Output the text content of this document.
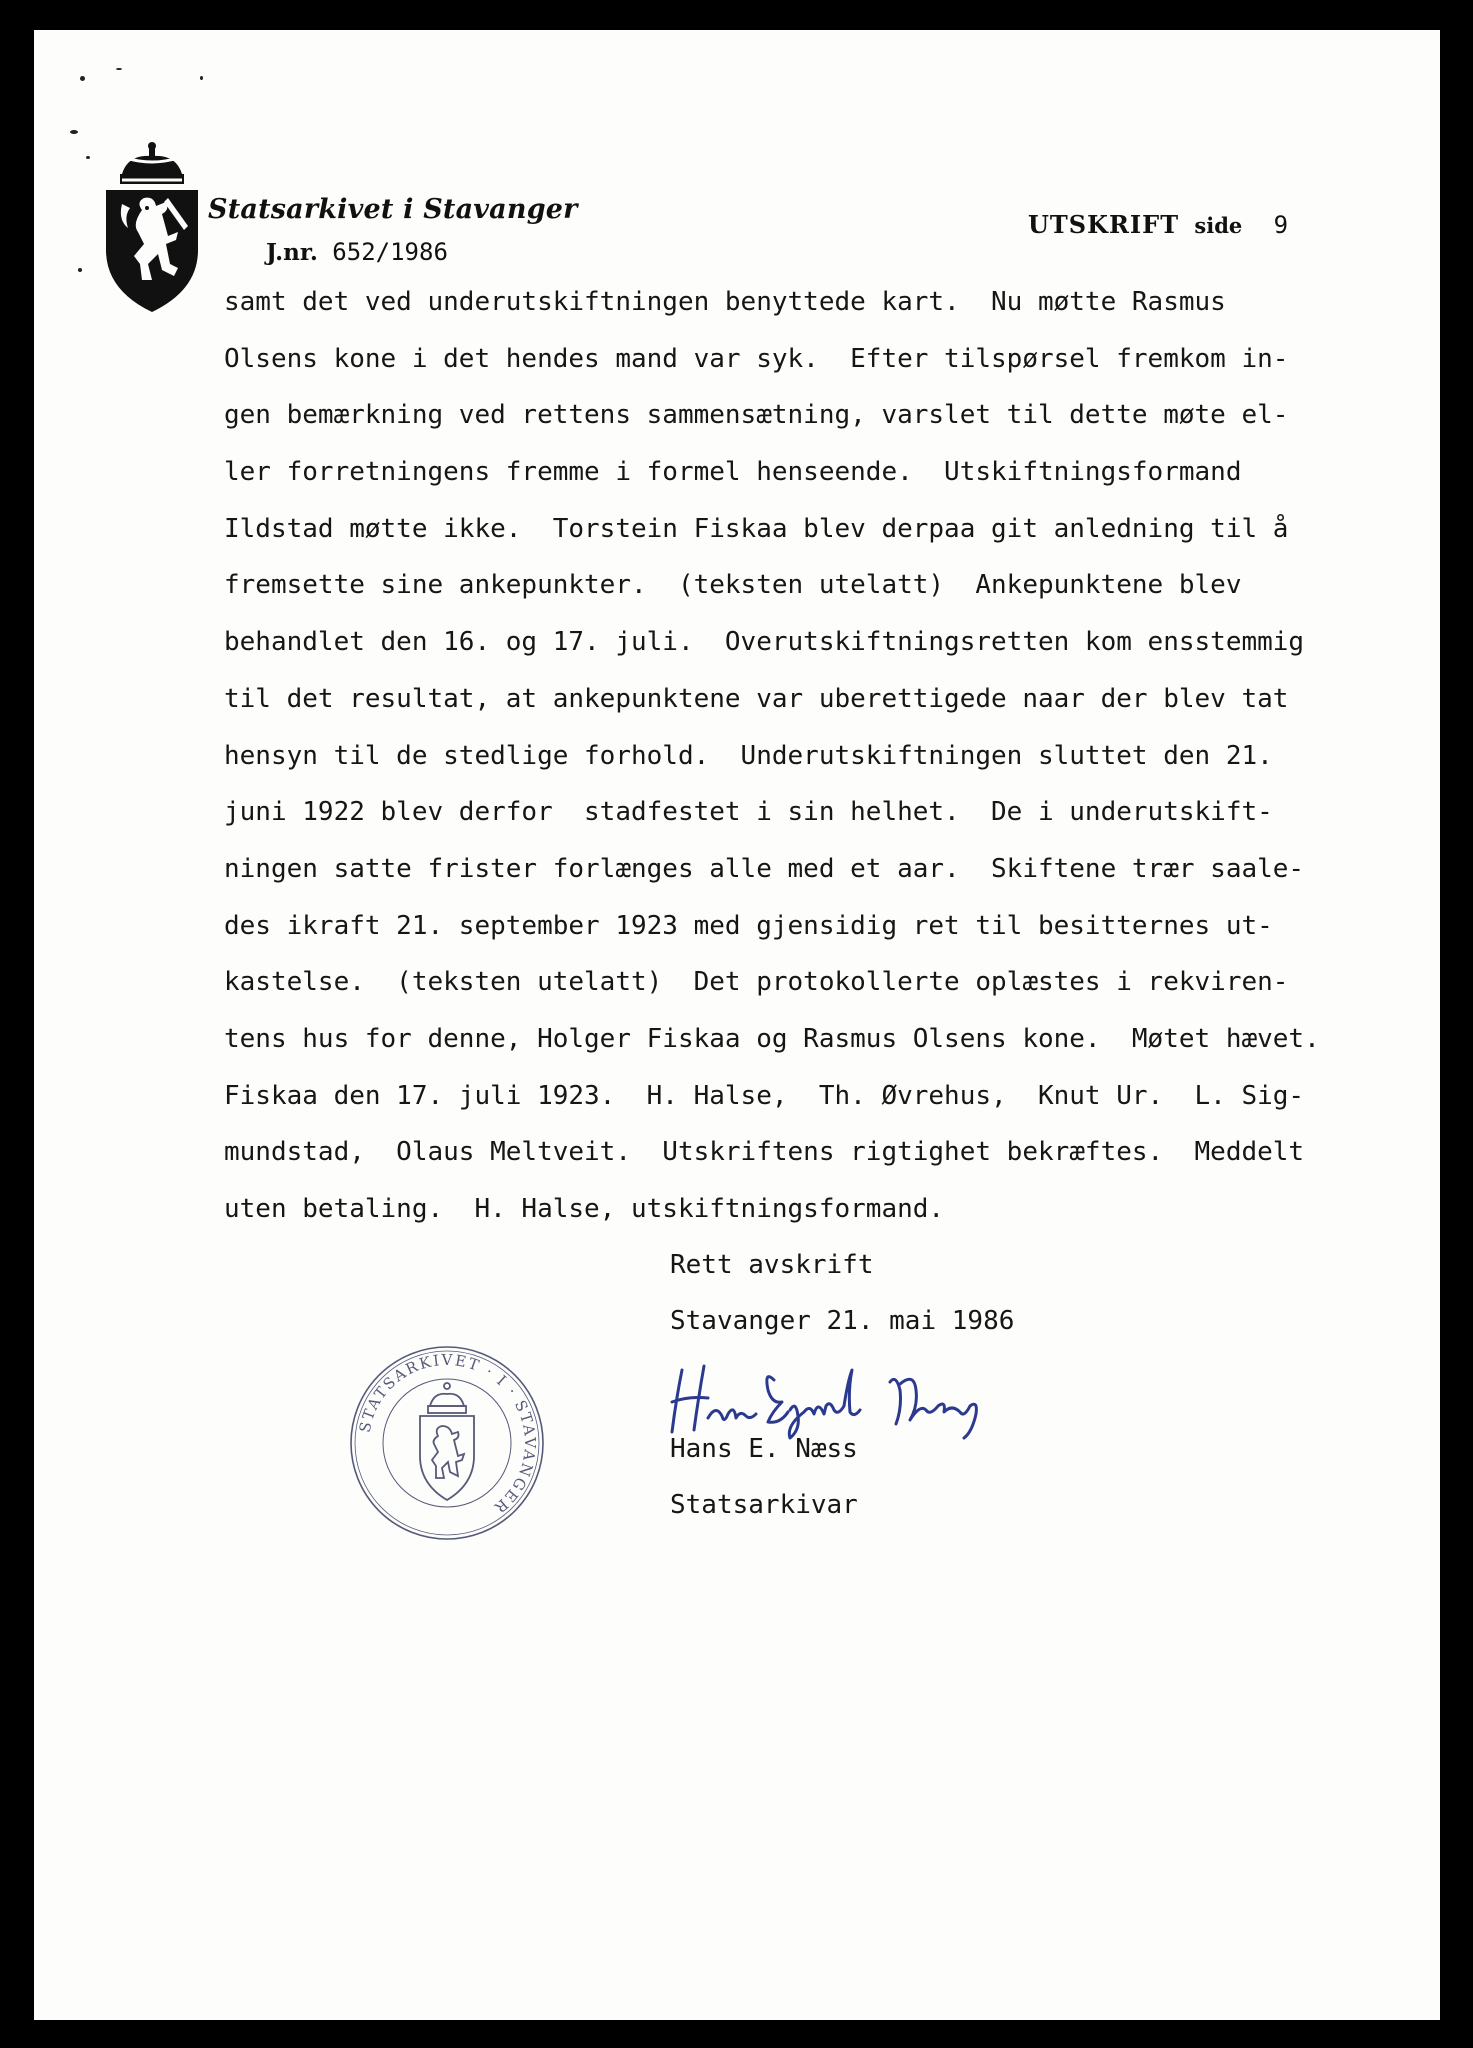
Statsarkivet i Stavanger
J.nr. 652/1986
UTSKRIFT side 9
samt det ved underutskiftningen benyttede kart.  Nu møtte Rasmus
Olsens kone i det hendes mand var syk.  Efter tilspørsel fremkom in-
gen bemærkning ved rettens sammensætning, varslet til dette møte el-
ler forretningens fremme i formel henseende.  Utskiftningsformand
Ildstad møtte ikke.  Torstein Fiskaa blev derpaa git anledning til å
fremsette sine ankepunkter.  (teksten utelatt)  Ankepunktene blev
behandlet den 16. og 17. juli.  Overutskiftningsretten kom ensstemmig
til det resultat, at ankepunktene var uberettigede naar der blev tat
hensyn til de stedlige forhold.  Underutskiftningen sluttet den 21.
juni 1922 blev derfor  stadfestet i sin helhet.  De i underutskift-
ningen satte frister forlænges alle med et aar.  Skiftene trær saale-
des ikraft 21. september 1923 med gjensidig ret til besitternes ut-
kastelse.  (teksten utelatt)  Det protokollerte oplæstes i rekviren-
tens hus for denne, Holger Fiskaa og Rasmus Olsens kone.  Møtet hævet.
Fiskaa den 17. juli 1923.  H. Halse,  Th. Øvrehus,  Knut Ur.  L. Sig-
mundstad,  Olaus Meltveit.  Utskriftens rigtighet bekræftes.  Meddelt
uten betaling.  H. Halse, utskiftningsformand.
Rett avskrift
Stavanger 21. mai 1986
Hans E. Næss
Statsarkivar
STATSARKIVET · I · STAVANGER
